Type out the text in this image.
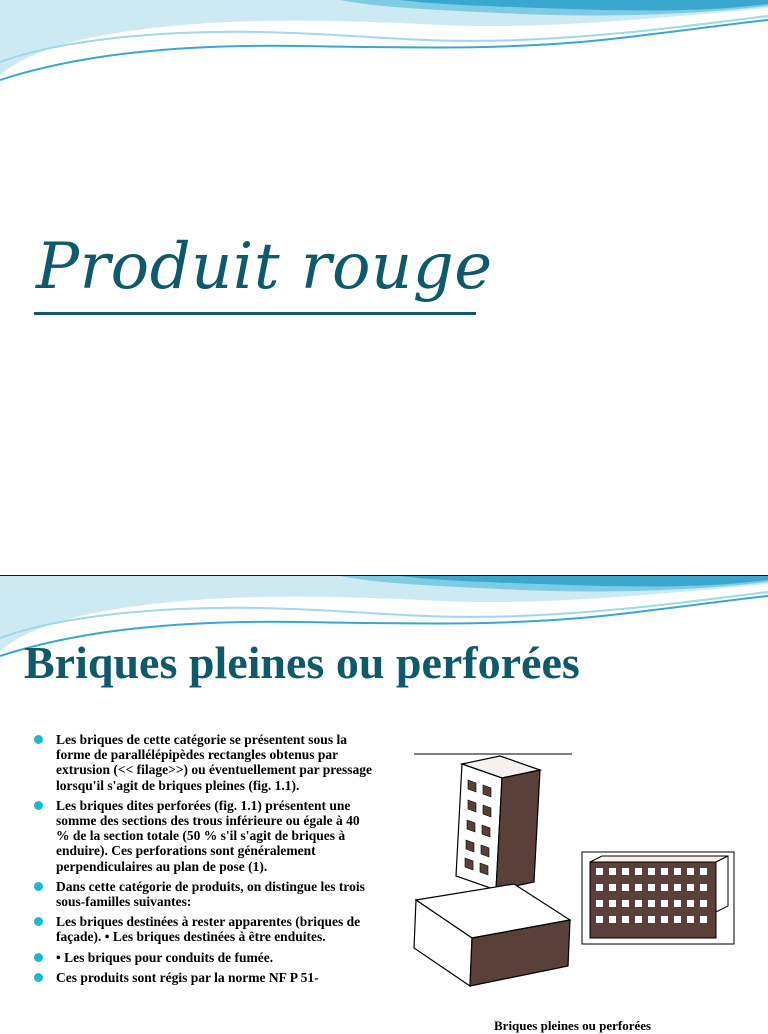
Produit rouge
Briques pleines ou perforées
Les briques de cette catégorie se présentent sous la forme de parallélépipèdes rectangles obtenus par extrusion (<< filage>>) ou éventuellement par pressage lorsqu'il s'agit de briques pleines (fig. 1.1).
Les briques dites perforées (fig. 1.1) présentent une somme des sections des trous inférieure ou égale à 40 % de la section totale (50 % s'il s'agit de briques à enduire). Ces perforations sont généralement perpendiculaires au plan de pose (1).
Dans cette catégorie de produits, on distingue les trois sous-familles suivantes:
Les briques destinées à rester apparentes (briques de façade). • Les briques destinées à être enduites.
• Les briques pour conduits de fumée.
Ces produits sont régis par la norme NF P 51-
Briques pleines ou perforées
